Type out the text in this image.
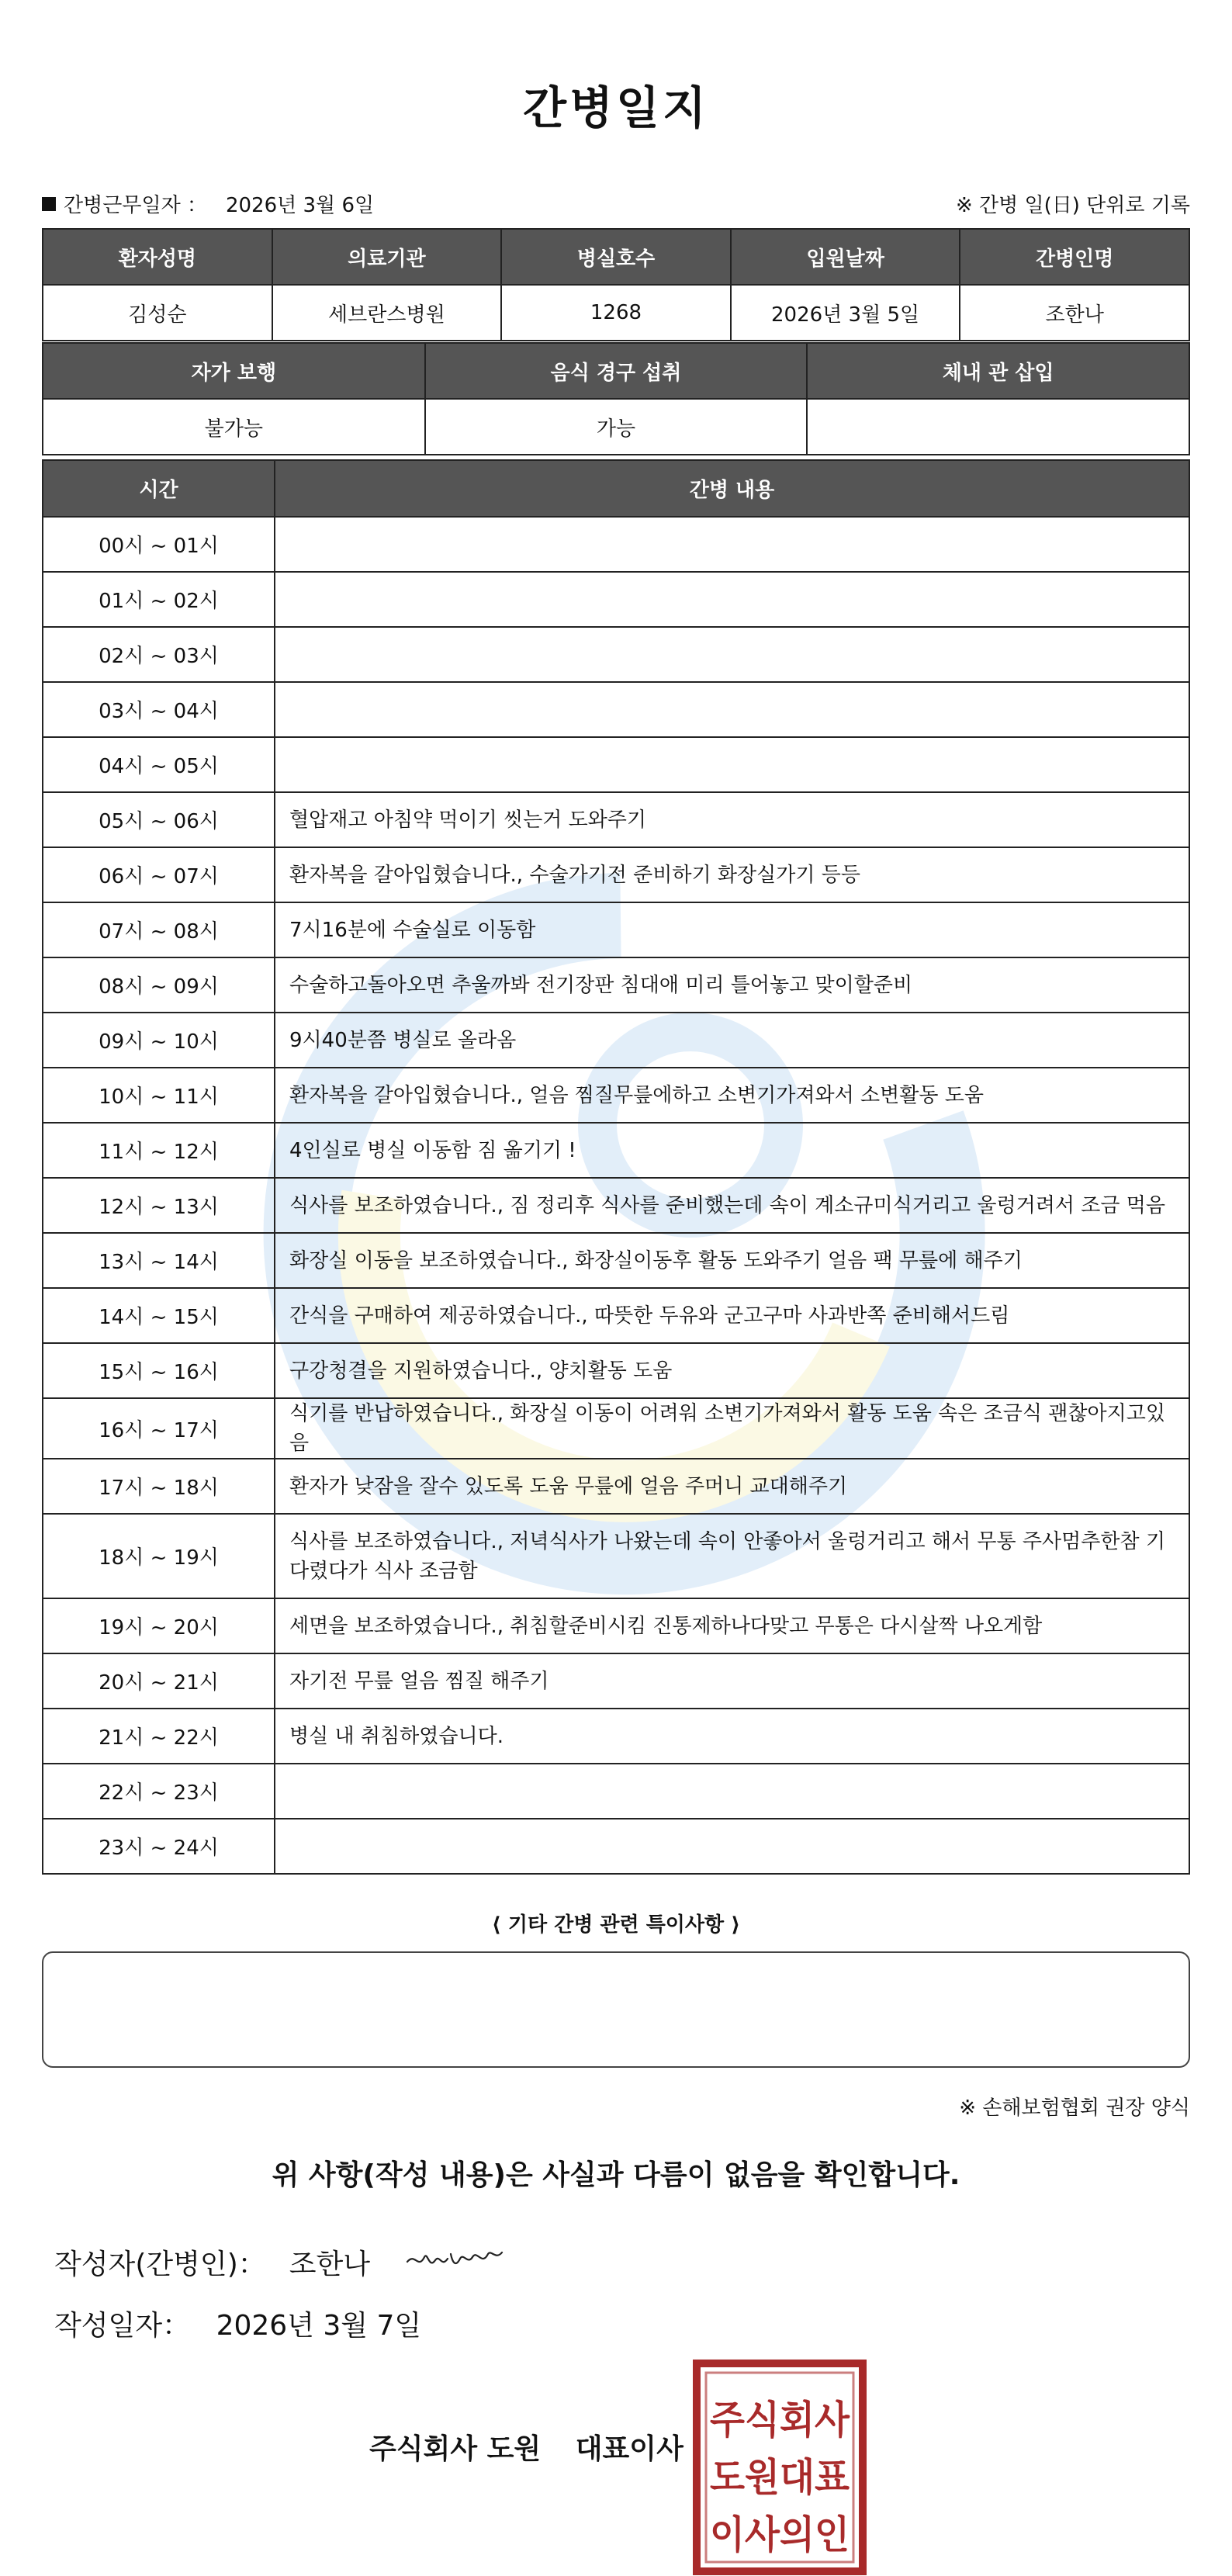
간병일지
간병근무일자 ： 2026년 3월 6일	※ 간병 일(日) 단위로 기록
환자성명	의료기관	병실호수	입원날짜	간병인명
김성순	세브란스병원	1268	2026년 3월 5일	조한나
자가 보행	음식 경구 섭취	체내 관 삽입
불가능	가능	
시간	간병 내용
00시 ~ 01시	
01시 ~ 02시	
02시 ~ 03시	
03시 ~ 04시	
04시 ~ 05시	
05시 ~ 06시	혈압재고 아침약 먹이기 씻는거 도와주기
06시 ~ 07시	환자복을 갈아입혔습니다., 수술가기전 준비하기 화장실가기 등등
07시 ~ 08시	7시16분에 수술실로 이동함
08시 ~ 09시	수술하고돌아오면 추울까봐 전기장판 침대애 미리 틀어놓고 맞이할준비
09시 ~ 10시	9시40분쯤 병실로 올라옴
10시 ~ 11시	환자복을 갈아입혔습니다., 얼음 찜질무릎에하고 소변기가져와서 소변활동 도움
11시 ~ 12시	4인실로 병실 이동함 짐 옮기기 !
12시 ~ 13시	식사를 보조하였습니다., 짐 정리후 식사를 준비했는데 속이 계소규미식거리고 울렁거려서 조금 먹음
13시 ~ 14시	화장실 이동을 보조하였습니다., 화장실이동후 활동 도와주기 얼음 팩 무릎에 해주기
14시 ~ 15시	간식을 구매하여 제공하였습니다., 따뜻한 두유와 군고구마 사과반쪽 준비해서드림
15시 ~ 16시	구강청결을 지원하였습니다., 양치활동 도움
16시 ~ 17시	식기를 반납하였습니다., 화장실 이동이 어려워 소변기가져와서 활동 도움 속은 조금식 괜찮아지고있음
17시 ~ 18시	환자가 낮잠을 잘수 있도록 도움 무릎에 얼음 주머니 교대해주기
18시 ~ 19시	식사를 보조하였습니다., 저녁식사가 나왔는데 속이 안좋아서 울렁거리고 해서 무통 주사멈추한참 기다렸다가 식사 조금함
19시 ~ 20시	세면을 보조하였습니다., 취침할준비시킴 진통제하나다맞고 무통은 다시살짝 나오게함
20시 ~ 21시	자기전 무릎 얼음 찜질 해주기
21시 ~ 22시	병실 내 취침하였습니다.
22시 ~ 23시	
23시 ~ 24시	
⟨ 기타 간병 관련 특이사항 ⟩
※ 손해보험협회 권장 양식
위 사항(작성 내용)은 사실과 다름이 없음을 확인합니다.
작성자(간병인)： 조한나
작성일자： 2026년 3월 7일
주식회사 도원 대표이사
주식회사
도원대표
이사의인
